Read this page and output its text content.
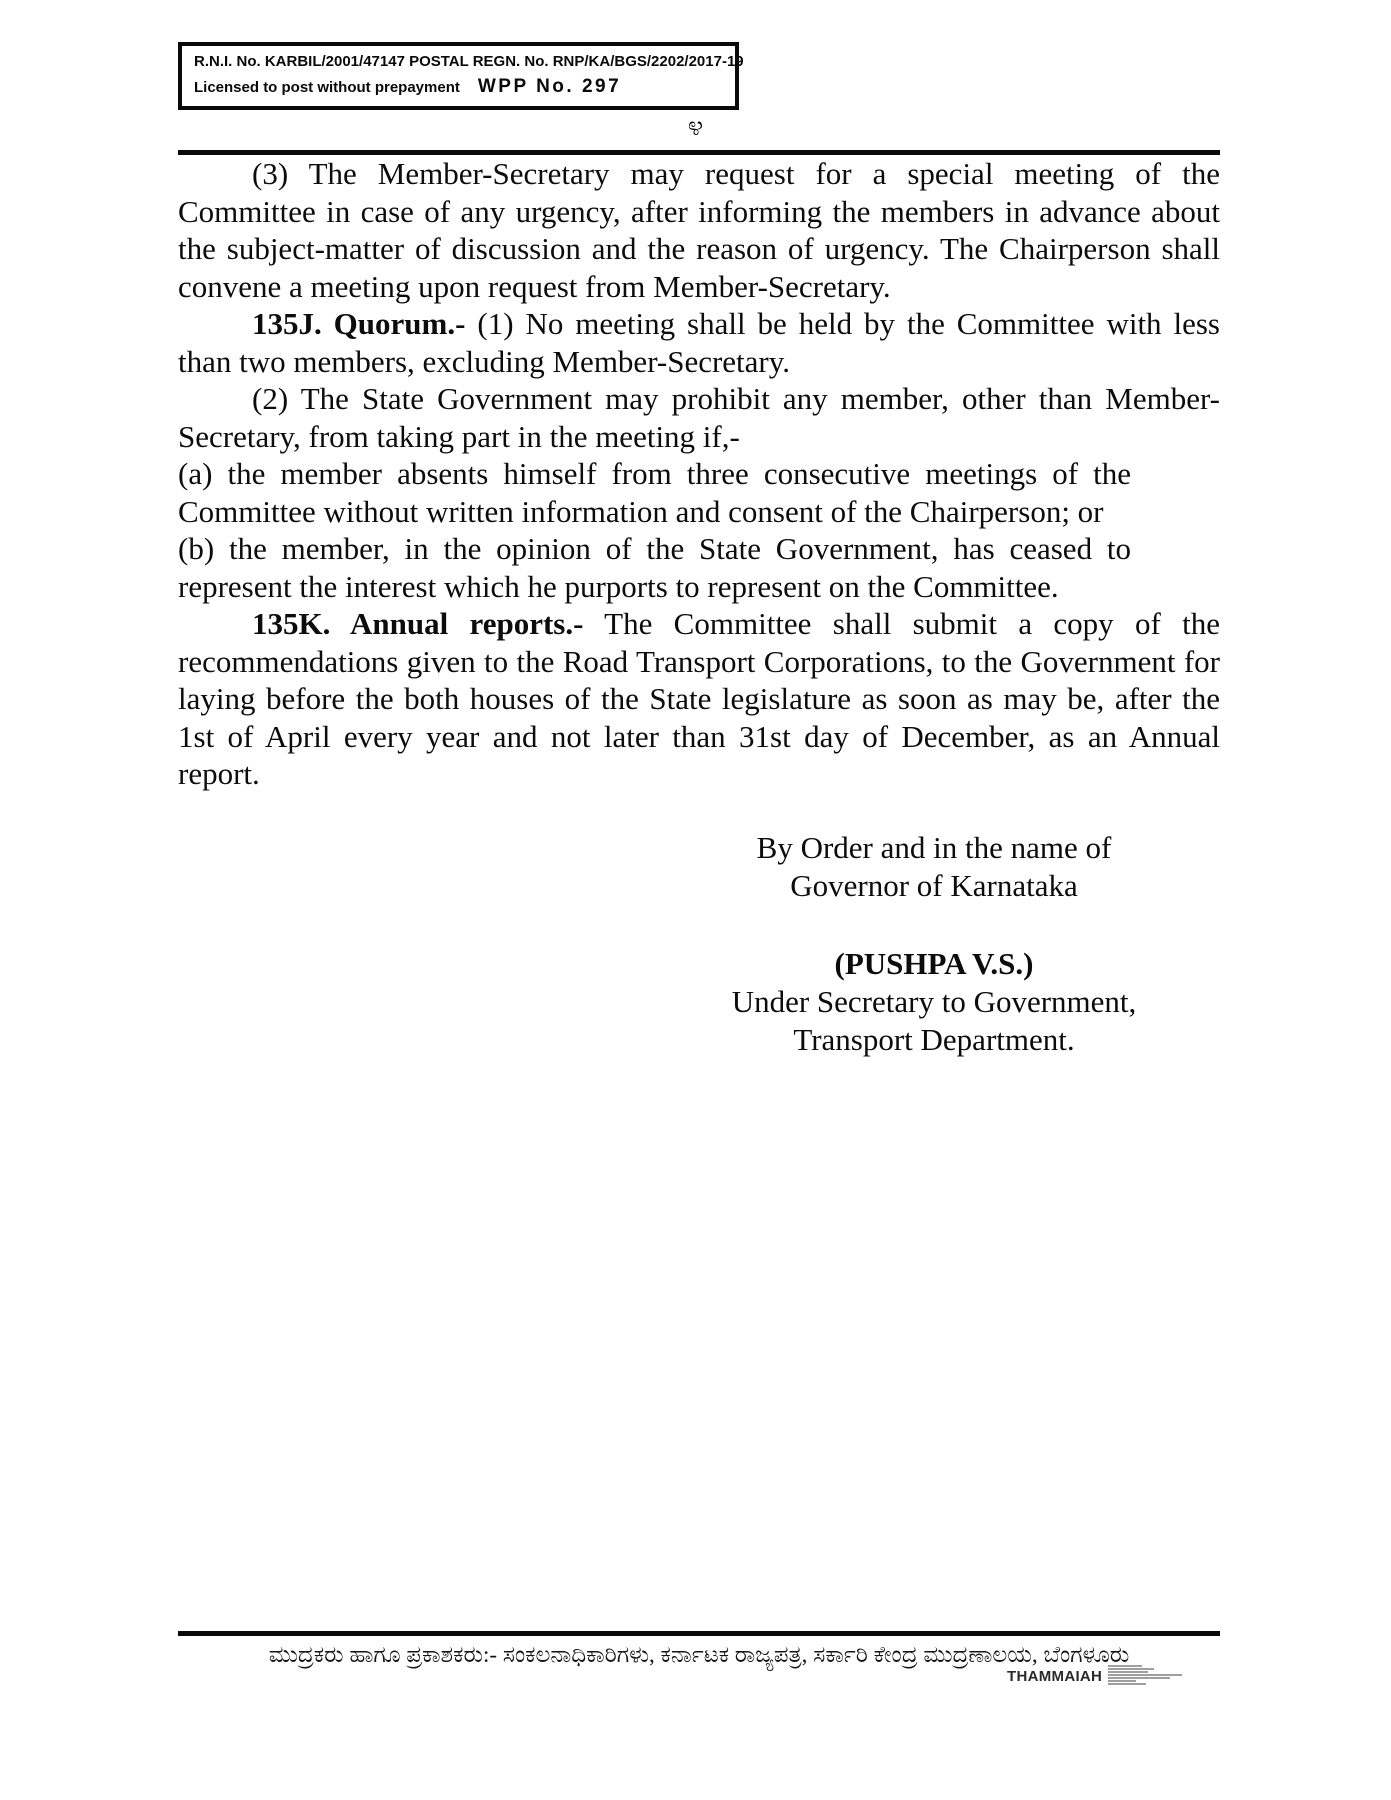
R.N.I. No. KARBIL/2001/47147 POSTAL REGN. No. RNP/KA/BGS/2202/2017-19
Licensed to post without prepayment WPP No. 297
೪

(3) The Member-Secretary may request for a special meeting of the Committee in case of any urgency, after informing the members in advance about the subject-matter of discussion and the reason of urgency. The Chairperson shall convene a meeting upon request from Member-Secretary.

135J. Quorum.- (1) No meeting shall be held by the Committee with less than two members, excluding Member-Secretary.

(2) The State Government may prohibit any member, other than Member-Secretary, from taking part in the meeting if,-

(a) the member absents himself from three consecutive meetings of the Committee without written information and consent of the Chairperson; or

(b) the member, in the opinion of the State Government, has ceased to represent the interest which he purports to represent on the Committee.

135K. Annual reports.- The Committee shall submit a copy of the recommendations given to the Road Transport Corporations, to the Government for laying before the both houses of the State legislature as soon as may be, after the 1st of April every year and not later than 31st day of December, as an Annual report.

By Order and in the name of
Governor of Karnataka
(PUSHPA V.S.)
Under Secretary to Government,
Transport Department.
ಮುದ್ರಕರು ಹಾಗೂ ಪ್ರಕಾಶಕರು:- ಸಂಕಲನಾಧಿಕಾರಿಗಳು, ಕರ್ನಾಟಕ ರಾಜ್ಯಪತ್ರ, ಸರ್ಕಾರಿ ಕೇಂದ್ರ ಮುದ್ರಣಾಲಯ, ಬೆಂಗಳೂರು
THAMMAIAH
